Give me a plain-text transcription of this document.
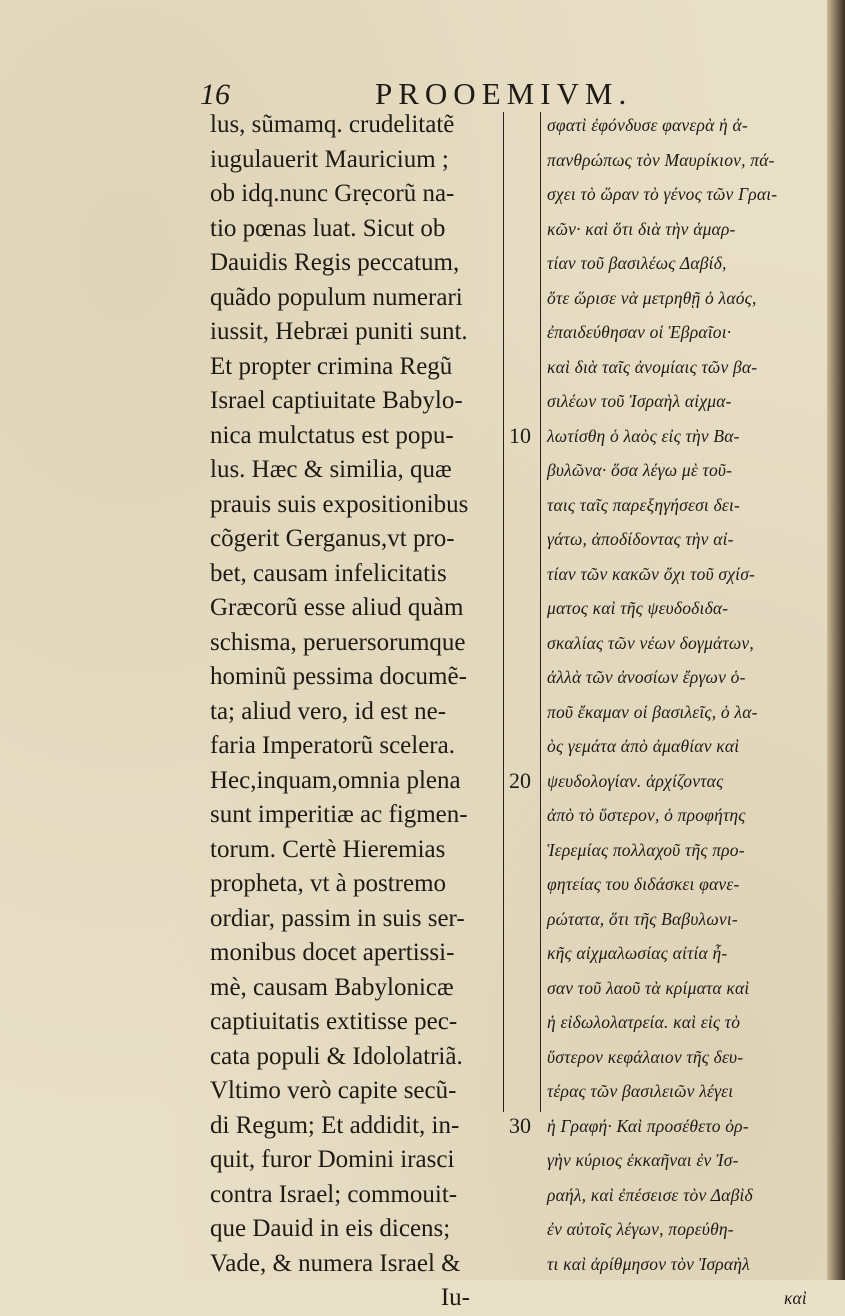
16	PROOEMIVM.
lus, sũmamq. crudelitatẽ
iugulauerit Mauricium ;
ob idq.nunc Grẹcorũ na-
tio pœnas luat. Sicut ob
Dauidis Regis peccatum,
quãdo populum numerari
iussit, Hebræi puniti sunt.
Et propter crimina Regũ
Israel captiuitate Babylo-
nica mulctatus est popu-
lus. Hæc & similia, quæ
prauis suis expositionibus
cõgerit Gerganus,vt pro-
bet, causam infelicitatis
Græcorũ esse aliud quàm
schisma, peruersorumque
hominũ pessima documẽ-
ta; aliud vero, id est ne-
faria Imperatorũ scelera.
Hec,inquam,omnia plena
sunt imperitiæ ac figmen-
torum. Certè Hieremias
propheta, vt à postremo
ordiar, passim in suis ser-
monibus docet apertissi-
mè, causam Babylonicæ
captiuitatis extitisse pec-
cata populi & Idololatriã.
Vltimo verò capite secũ-
di Regum; Et addidit, in-
quit, furor Domini irasci
contra Israel; commouit-
que Dauid in eis dicens;
Vade, & numera Israel &
Iu-
10
20
30
σφατὶ ἐφόνδυσε φανερὰ ἡ ἀ-
πανθρώπως τὸν Μαυρίκιον, πά-
σχει τὸ ὥραν τὸ γένος τῶν Γραι-
κῶν· καὶ ὅτι διὰ τὴν ἁμαρ-
τίαν τοῦ βασιλέως Δαβίδ,
ὅτε ὥρισε νὰ μετρηθῇ ὁ λαός,
ἐπαιδεύθησαν οἱ Ἑβραῖοι·
καὶ διὰ ταῖς ἀνομίαις τῶν βα-
σιλέων τοῦ Ἰσραὴλ αἰχμα-
λωτίσθη ὁ λαὸς εἰς τὴν Βα-
βυλῶνα· ὅσα λέγω μὲ τοῦ-
ταις ταῖς παρεξηγήσεσι δει-
γάτω, ἀποδίδοντας τὴν αἰ-
τίαν τῶν κακῶν ὄχι τοῦ σχίσ-
ματος καὶ τῆς ψευδοδιδα-
σκαλίας τῶν νέων δογμάτων,
ἀλλὰ τῶν ἀνοσίων ἔργων ὁ-
ποῦ ἔκαμαν οἱ βασιλεῖς, ὁ λα-
ὸς γεμάτα ἀπὸ ἀμαθίαν καὶ
ψευδολογίαν. ἀρχίζοντας
ἀπὸ τὸ ὕστερον, ὁ προφήτης
Ἱερεμίας πολλαχοῦ τῆς προ-
φητείας του διδάσκει φανε-
ρώτατα, ὅτι τῆς Βαβυλωνι-
κῆς αἰχμαλωσίας αἰτία ἦ-
σαν τοῦ λαοῦ τὰ κρίματα καὶ
ἡ εἰδωλολατρεία. καὶ εἰς τὸ
ὕστερον κεφάλαιον τῆς δευ-
τέρας τῶν βασιλειῶν λέγει
ἡ Γραφή· Καὶ προσέθετο ὀρ-
γὴν κύριος ἐκκαῆναι ἐν Ἰσ-
ραήλ, καὶ ἐπέσεισε τὸν Δαβὶδ
ἐν αὐτοῖς λέγων, πορεύθη-
τι καὶ ἀρίθμησον τὸν Ἰσραὴλ
καὶ
